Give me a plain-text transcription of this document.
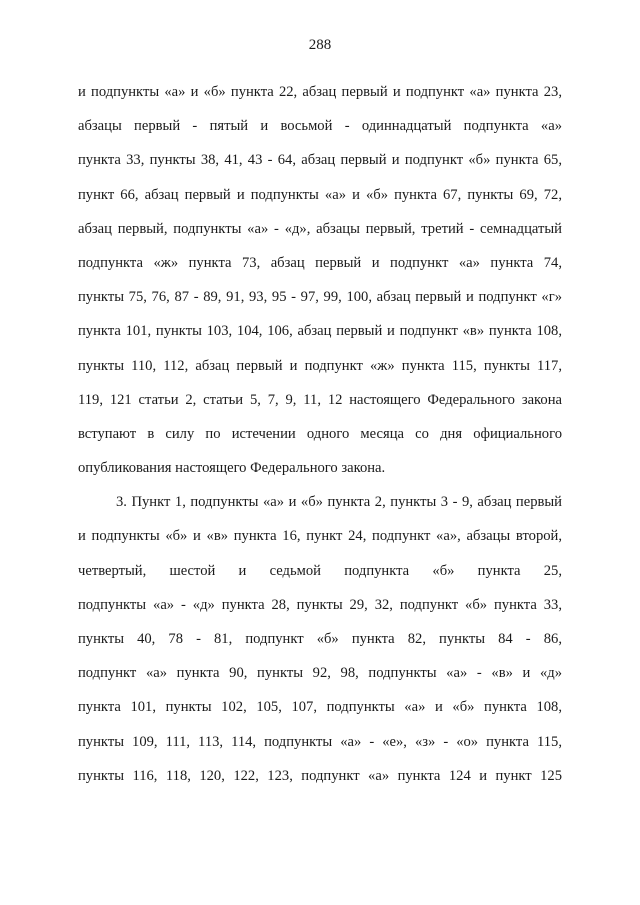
288

и подпункты «а» и «б» пункта 22, абзац первый и подпункт «а» пункта 23,
абзацы первый - пятый и восьмой - одиннадцатый подпункта «а»
пункта 33, пункты 38, 41, 43 - 64, абзац первый и подпункт «б» пункта 65,
пункт 66, абзац первый и подпункты «а» и «б» пункта 67, пункты 69, 72,
абзац первый, подпункты «а» - «д», абзацы первый, третий - семнадцатый
подпункта «ж» пункта 73, абзац первый и подпункт «а» пункта 74,
пункты 75, 76, 87 - 89, 91, 93, 95 - 97, 99, 100, абзац первый и подпункт «г»
пункта 101, пункты 103, 104, 106, абзац первый и подпункт «в» пункта 108,
пункты 110, 112, абзац первый и подпункт «ж» пункта 115, пункты 117,
119, 121 статьи 2, статьи 5, 7, 9, 11, 12 настоящего Федерального закона
вступают в силу по истечении одного месяца со дня официального
опубликования настоящего Федерального закона.

3. Пункт 1, подпункты «а» и «б» пункта 2, пункты 3 - 9, абзац первый
и подпункты «б» и «в» пункта 16, пункт 24, подпункт «а», абзацы второй,
четвертый, шестой и седьмой подпункта «б» пункта 25,
подпункты «а» - «д» пункта 28, пункты 29, 32, подпункт «б» пункта 33,
пункты 40, 78 - 81, подпункт «б» пункта 82, пункты 84 - 86,
подпункт «а» пункта 90, пункты 92, 98, подпункты «а» - «в» и «д»
пункта 101, пункты 102, 105, 107, подпункты «а» и «б» пункта 108,
пункты 109, 111, 113, 114, подпункты «а» - «е», «з» - «о» пункта 115,
пункты 116, 118, 120, 122, 123, подпункт «а» пункта 124 и пункт 125
